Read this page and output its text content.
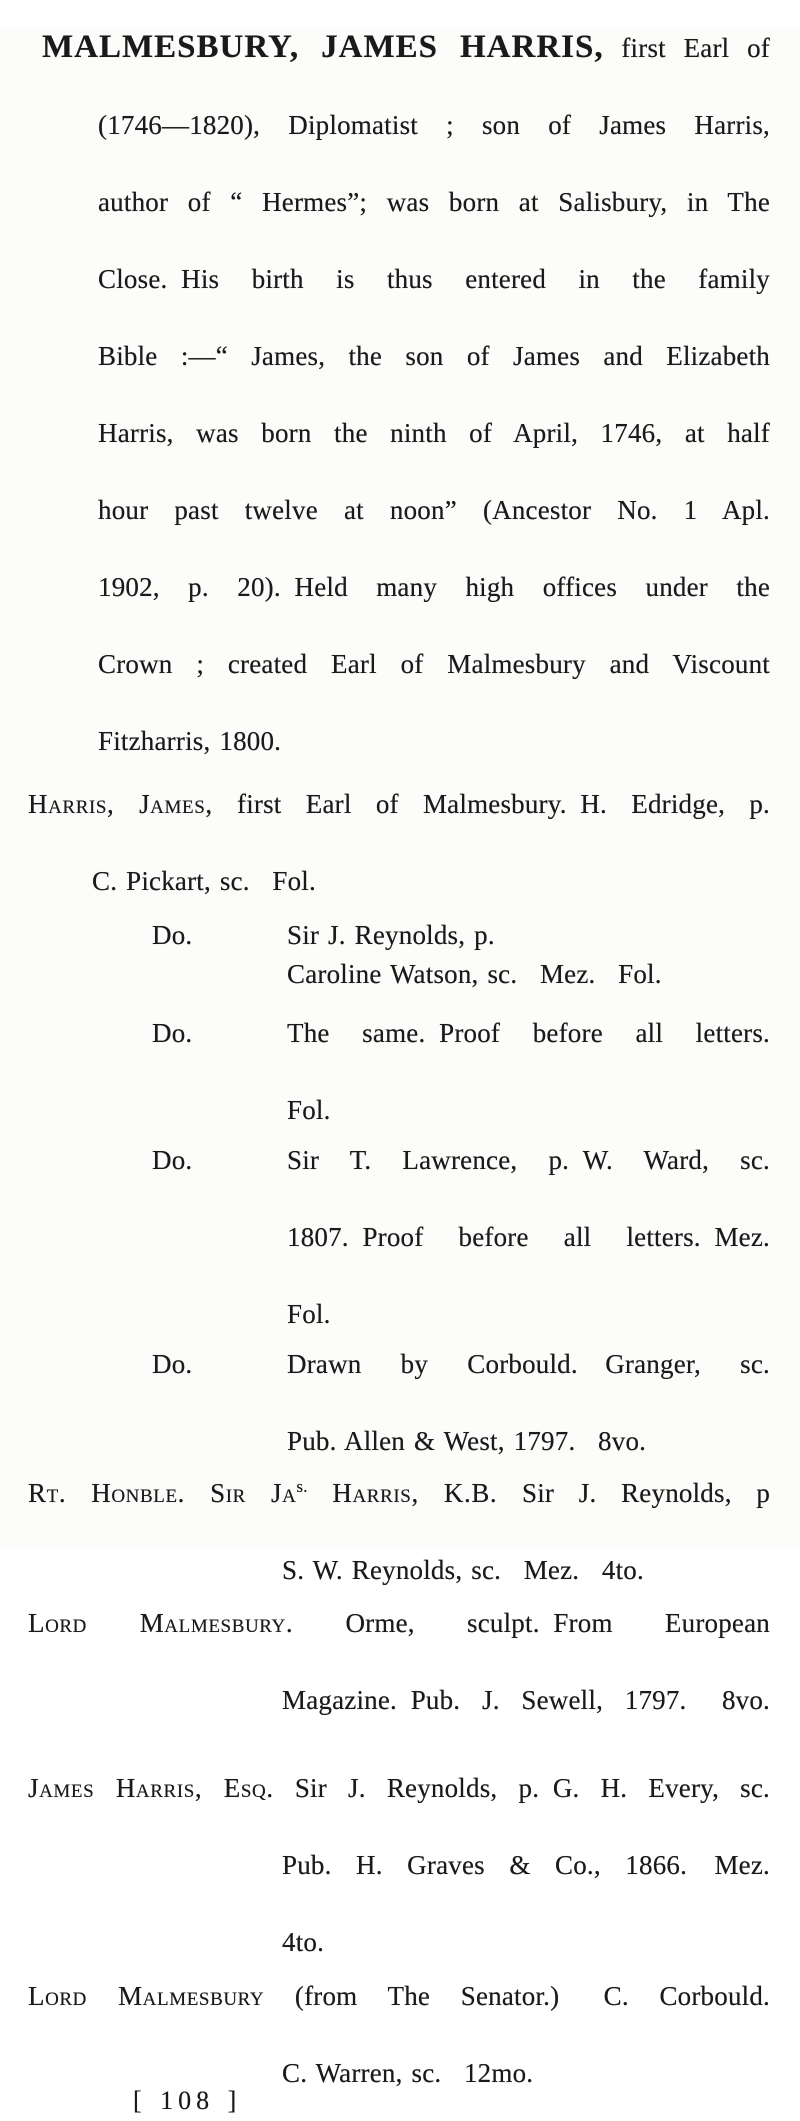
MALMESBURY, JAMES HARRIS, first Earl of
(1746—1820), Diplomatist ; son of James Harris,
author of “ Hermes”; was born at Salisbury, in The
Close. His birth is thus entered in the family
Bible :—“ James, the son of James and Elizabeth
Harris, was born the ninth of April, 1746, at half
hour past twelve at noon” (Ancestor No. 1 Apl.
1902, p. 20). Held many high offices under the
Crown ; created Earl of Malmesbury and Viscount
Fitzharris, 1800.
Harris, James, first Earl of Malmesbury. H. Edridge, p.
C. Pickart, sc.  Fol.
Do.	Sir J. Reynolds, p.
Caroline Watson, sc.  Mez.  Fol.
Do.	The same. Proof before all letters.
Fol.
Do.	Sir T. Lawrence, p. W. Ward, sc.
1807. Proof before all letters. Mez.
Fol.
Do.	Drawn by Corbould.  Granger, sc.
Pub. Allen & West, 1797.  8vo.
Rt. Honble. Sir $Ja^{s.}$ Harris, K.B. Sir J. Reynolds, p
S. W. Reynolds, sc.  Mez.  4to.
Lord Malmesbury. Orme, sculpt. From European
Magazine. Pub. J. Sewell, 1797.  8vo.
James Harris, Esq. Sir J. Reynolds, p. G. H. Every, sc.
Pub. H. Graves & Co., 1866.  Mez.
4to.
Lord Malmesbury (from The Senator.)  C. Corbould.
C. Warren, sc.  12mo.
[ 108 ]
